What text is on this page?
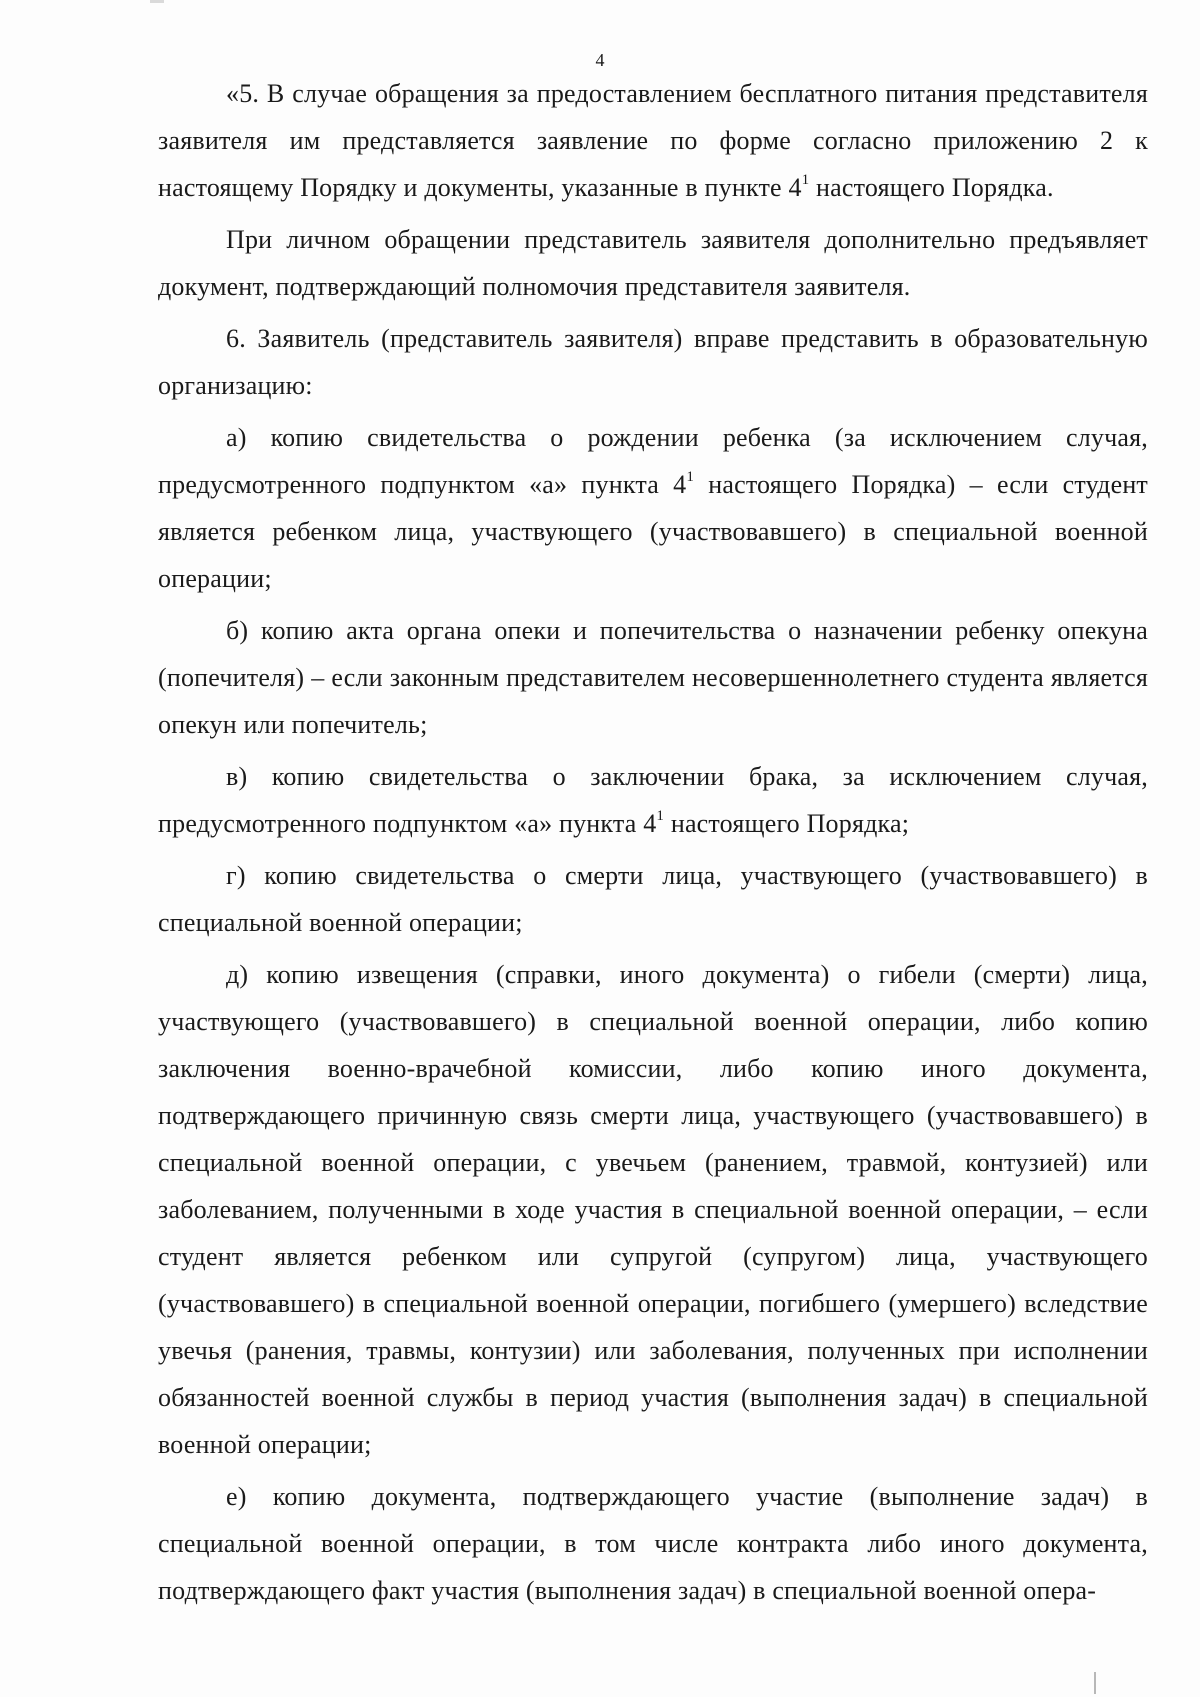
4

«5. В случае обращения за предоставлением бесплатного питания представителя заявителя им представляется заявление по форме согласно приложению 2 к настоящему Порядку и документы, указанные в пункте $4^1$ настоящего Порядка.

При личном обращении представитель заявителя дополнительно предъявляет документ, подтверждающий полномочия представителя заявителя.

6. Заявитель (представитель заявителя) вправе представить в образовательную организацию:

а) копию свидетельства о рождении ребенка (за исключением случая, предусмотренного подпунктом «а» пункта $4^1$ настоящего Порядка) – если студент является ребенком лица, участвующего (участвовавшего) в специальной военной операции;

б) копию акта органа опеки и попечительства о назначении ребенку опекуна (попечителя) – если законным представителем несовершеннолетнего студента является опекун или попечитель;

в) копию свидетельства о заключении брака, за исключением случая, предусмотренного подпунктом «а» пункта $4^1$ настоящего Порядка;

г) копию свидетельства о смерти лица, участвующего (участвовавшего) в специальной военной операции;

д) копию извещения (справки, иного документа) о гибели (смерти) лица, участвующего (участвовавшего) в специальной военной операции, либо копию заключения военно-врачебной комиссии, либо копию иного документа, подтверждающего причинную связь смерти лица, участвующего (участвовавшего) в специальной военной операции, с увечьем (ранением, травмой, контузией) или заболеванием, полученными в ходе участия в специальной военной операции, – если студент является ребенком или супругой (супругом) лица, участвующего (участвовавшего) в специальной военной операции, погибшего (умершего) вследствие увечья (ранения, травмы, контузии) или заболевания, полученных при исполнении обязанностей военной службы в период участия (выполнения задач) в специальной военной операции;

е) копию документа, подтверждающего участие (выполнение задач) в специальной военной операции, в том числе контракта либо иного документа, подтверждающего факт участия (выполнения задач) в специальной военной опера-
